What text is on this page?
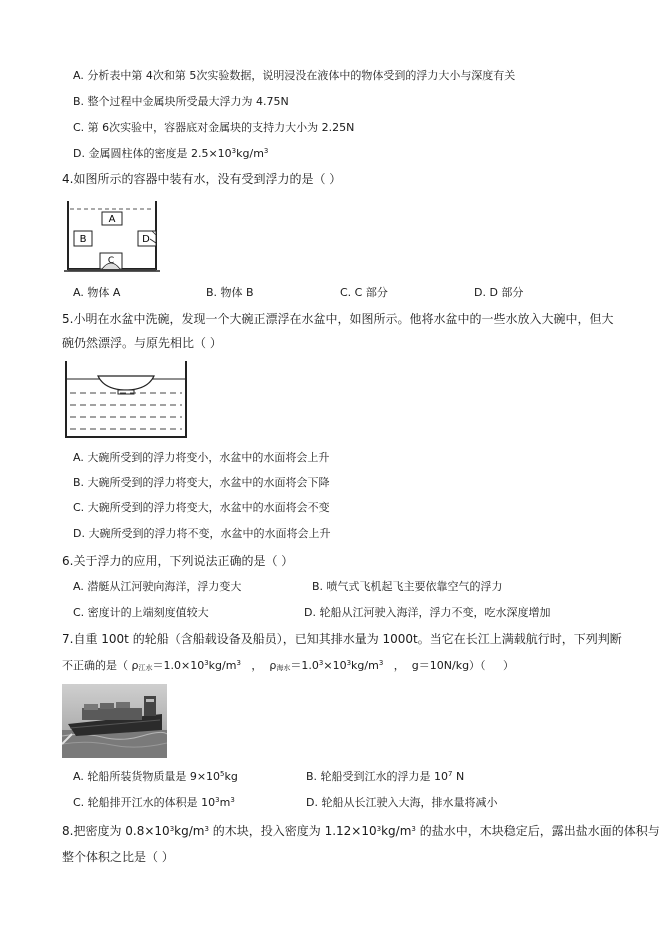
A. 分析表中第 4次和第 5次实验数据，说明浸没在液体中的物体受到的浮力大小与深度有关
B. 整个过程中金属块所受最大浮力为 4.75N
C. 第 6次实验中，容器底对金属块的支持力大小为 2.25N
D. 金属圆柱体的密度是 $2.5\times 10^3kg/m^3$
4.如图所示的容器中装有水，没有受到浮力的是（ ）
A
B
C
D
A. 物体 A	B. 物体 B	C. C 部分	D. D 部分
5.小明在水盆中洗碗，发现一个大碗正漂浮在水盆中，如图所示。他将水盆中的一些水放入大碗中，但大
碗仍然漂浮。与原先相比（ ）
A. 大碗所受到的浮力将变小，水盆中的水面将会上升
B. 大碗所受到的浮力将变大，水盆中的水面将会下降
C. 大碗所受到的浮力将变大，水盆中的水面将会不变
D. 大碗所受到的浮力将不变，水盆中的水面将会上升
6.关于浮力的应用，下列说法正确的是（ ）
A. 潜艇从江河驶向海洋，浮力变大	B. 喷气式飞机起飞主要依靠空气的浮力
C. 密度计的上端刻度值较大	D. 轮船从江河驶入海洋，浮力不变，吃水深度增加
7.自重 100t 的轮船（含船载设备及船员），已知其排水量为 1000t。当它在长江上满载航行时，下列判断
不正确的是（ $\rho_{江水}=1.0\times 10^3kg/m^3$   ，  $\rho_{海水}=1.0^3\times 10^3kg/m^3$   ，  g＝10N/kg）（     ）
A. 轮船所装货物质量是 $9\times 10^5kg$	B. 轮船受到江水的浮力是 $10^7$ N
C. 轮船排开江水的体积是 $10^3m^3$	D. 轮船从长江驶入大海，排水量将减小
8.把密度为 $0.8\times 10^3kg/m^3$ 的木块，投入密度为 $1.12\times 10^3kg/m^3$ 的盐水中，木块稳定后，露出盐水面的体积与
整个体积之比是（ ）
